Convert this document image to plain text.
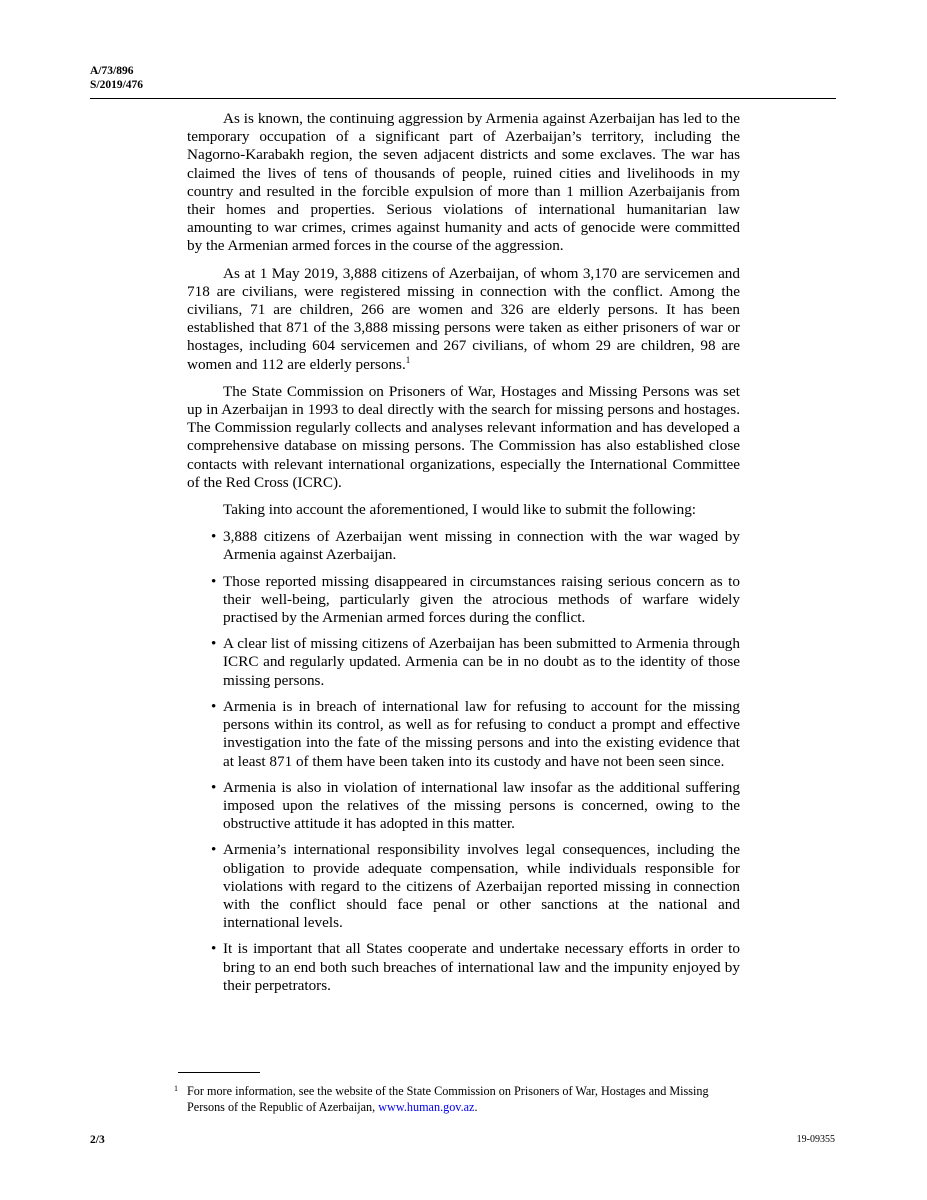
A/73/896
S/2019/476

As is known, the continuing aggression by Armenia against Azerbaijan has led to the temporary occupation of a significant part of Azerbaijan’s territory, including the Nagorno-Karabakh region, the seven adjacent districts and some exclaves. The war has claimed the lives of tens of thousands of people, ruined cities and livelihoods in my country and resulted in the forcible expulsion of more than 1 million Azerbaijanis from their homes and properties. Serious violations of international humanitarian law amounting to war crimes, crimes against humanity and acts of genocide were committed by the Armenian armed forces in the course of the aggression.

As at 1 May 2019, 3,888 citizens of Azerbaijan, of whom 3,170 are servicemen and 718 are civilians, were registered missing in connection with the conflict. Among the civilians, 71 are children, 266 are women and 326 are elderly persons. It has been established that 871 of the 3,888 missing persons were taken as either prisoners of war or hostages, including 604 servicemen and 267 civilians, of whom 29 are children, 98 are women and 112 are elderly persons.$^1$

The State Commission on Prisoners of War, Hostages and Missing Persons was set up in Azerbaijan in 1993 to deal directly with the search for missing persons and hostages. The Commission regularly collects and analyses relevant information and has developed a comprehensive database on missing persons. The Commission has also established close contacts with relevant international organizations, especially the International Committee of the Red Cross (ICRC).

Taking into account the aforementioned, I would like to submit the following:

• 3,888 citizens of Azerbaijan went missing in connection with the war waged by Armenia against Azerbaijan.
• Those reported missing disappeared in circumstances raising serious concern as to their well-being, particularly given the atrocious methods of warfare widely practised by the Armenian armed forces during the conflict.
• A clear list of missing citizens of Azerbaijan has been submitted to Armenia through ICRC and regularly updated. Armenia can be in no doubt as to the identity of those missing persons.
• Armenia is in breach of international law for refusing to account for the missing persons within its control, as well as for refusing to conduct a prompt and effective investigation into the fate of the missing persons and into the existing evidence that at least 871 of them have been taken into its custody and have not been seen since.
• Armenia is also in violation of international law insofar as the additional suffering imposed upon the relatives of the missing persons is concerned, owing to the obstructive attitude it has adopted in this matter.
• Armenia’s international responsibility involves legal consequences, including the obligation to provide adequate compensation, while individuals responsible for violations with regard to the citizens of Azerbaijan reported missing in connection with the conflict should face penal or other sanctions at the national and international levels.
• It is important that all States cooperate and undertake necessary efforts in order to bring to an end both such breaches of international law and the impunity enjoyed by their perpetrators.
1 For more information, see the website of the State Commission on Prisoners of War, Hostages and Missing Persons of the Republic of Azerbaijan, www.human.gov.az.
2/3	19-09355
